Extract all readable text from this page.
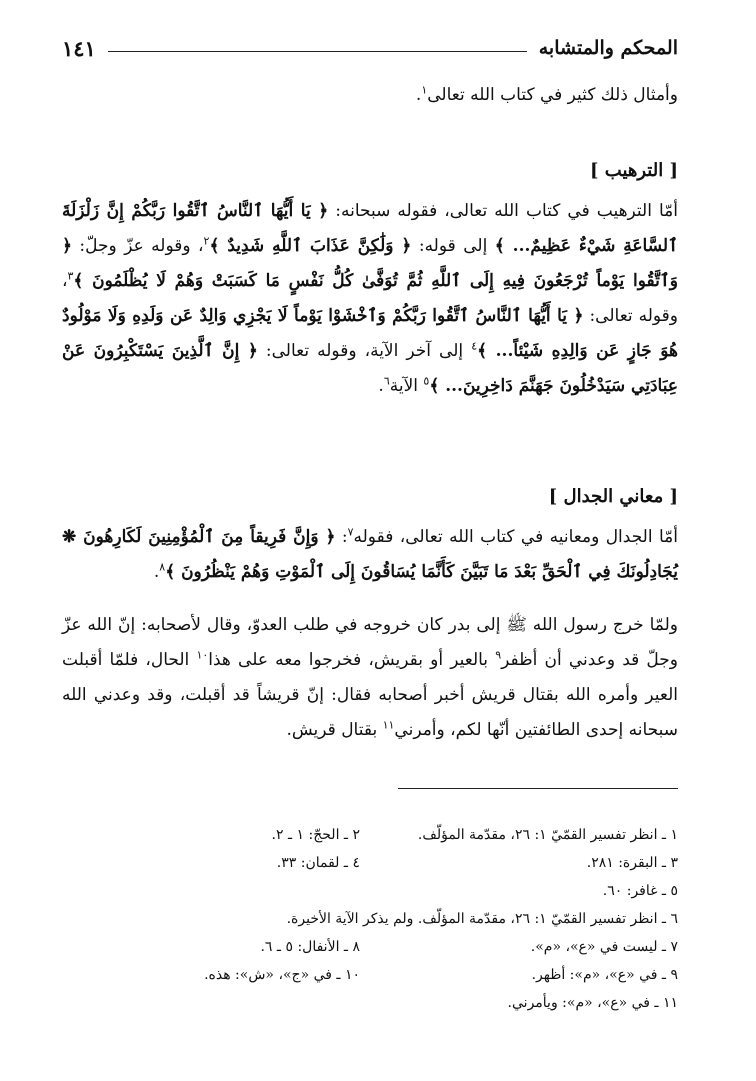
المحكم والمتشابه
١٤١
وأمثال ذلك كثير في كتاب الله تعالى$^١$.
[ الترهيب ]
أمّا الترهيب في كتاب الله تعالى، فقوله سبحانه: ﴿ يَا أَيُّهَا ٱلنَّاسُ ٱتَّقُوا رَبَّكُمْ إِنَّ زَلْزَلَةَ ٱلسَّاعَةِ شَيْءٌ عَظِيمٌ... ﴾ إلى قوله: ﴿ وَلَٰكِنَّ عَذَابَ ٱللَّهِ شَدِيدٌ ﴾$^٢$، وقوله عزّ وجلّ: ﴿ وَٱتَّقُوا يَوْماً تُرْجَعُونَ فِيهِ إِلَى ٱللَّهِ ثُمَّ تُوَفَّىٰ كُلُّ نَفْسٍ مَا كَسَبَتْ وَهُمْ لَا يُظْلَمُونَ ﴾$^٣$، وقوله تعالى: ﴿ يَا أَيُّهَا ٱلنَّاسُ ٱتَّقُوا رَبَّكُمْ وَٱخْشَوْا يَوْماً لَا يَجْزِي وَالِدٌ عَن وَلَدِهِ وَلَا مَوْلُودٌ هُوَ جَازٍ عَن وَالِدِهِ شَيْئاً... ﴾$^٤$ إلى آخر الآية، وقوله تعالى: ﴿ إِنَّ ٱلَّذِينَ يَسْتَكْبِرُونَ عَنْ عِبَادَتِي سَيَدْخُلُونَ جَهَنَّمَ دَاخِرِينَ... ﴾$^٥$ الآية$^٦$.
[ معاني الجدال ]
أمّا الجدال ومعانيه في كتاب الله تعالى، فقوله$^٧$: ﴿ وَإِنَّ فَرِيقاً مِنَ ٱلْمُؤْمِنِينَ لَكَارِهُونَ ❋ يُجَادِلُونَكَ فِي ٱلْحَقِّ بَعْدَ مَا تَبَيَّنَ كَأَنَّمَا يُسَاقُونَ إِلَى ٱلْمَوْتِ وَهُمْ يَنْظُرُونَ ﴾$^٨$.
ولمّا خرج رسول الله ﷺ إلى بدر كان خروجه في طلب العدوّ، وقال لأصحابه: إنّ الله عزّ وجلّ قد وعدني أن أظفر$^٩$ بالعير أو بقريش، فخرجوا معه على هذا$^{١٠}$ الحال، فلمّا أقبلت العير وأمره الله بقتال قريش أخبر أصحابه فقال: إنّ قريشاً قد أقبلت، وقد وعدني الله سبحانه إحدى الطائفتين أنّها لكم، وأمرني$^{١١}$ بقتال قريش.
١ ـ انظر تفسير القمّيّ ١: ٢٦، مقدّمة المؤلّف.
٢ ـ الحجّ: ١ ـ ٢.
٣ ـ البقرة: ٢٨١.
٤ ـ لقمان: ٣٣.
٥ ـ غافر: ٦٠.
٦ ـ انظر تفسير القمّيّ ١: ٢٦، مقدّمة المؤلّف. ولم يذكر الآية الأخيرة.
٧ ـ ليست في «ع»، «م».
٨ ـ الأنفال: ٥ ـ ٦.
٩ ـ في «ع»، «م»: أظهر.
١٠ ـ في «ج»، «ش»: هذه.
١١ ـ في «ع»، «م»: ويأمرني.
